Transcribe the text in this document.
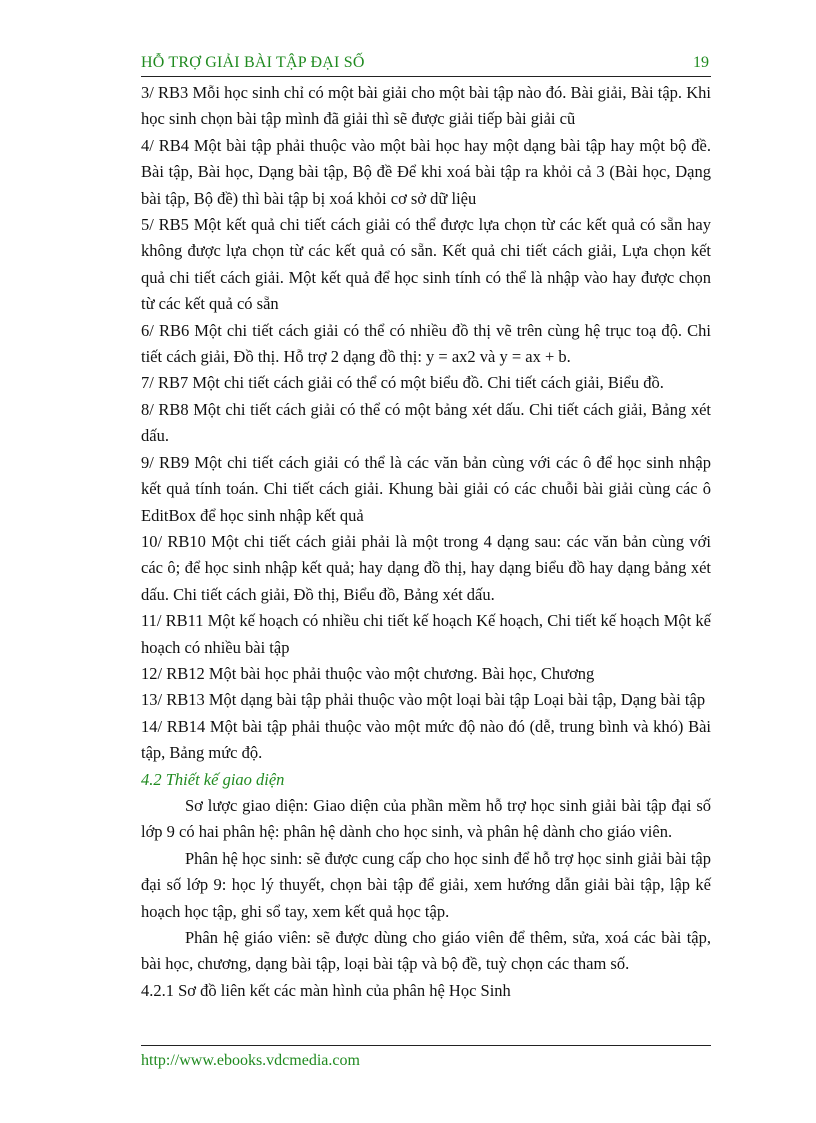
HỖ TRỢ GIẢI BÀI TẬP ĐẠI SỐ	19

3/ RB3 Mỗi học sinh chỉ có một bài giải cho một bài tập nào đó. Bài giải, Bài tập. Khi học sinh chọn bài tập mình đã giải thì sẽ được giải tiếp bài giải cũ

4/ RB4 Một bài tập phải thuộc vào một bài học hay một dạng bài tập hay một bộ đề. Bài tập, Bài học, Dạng bài tập, Bộ đề Để khi xoá bài tập ra khỏi cả 3 (Bài học, Dạng bài tập, Bộ đề) thì bài tập bị xoá khỏi cơ sở dữ liệu

5/ RB5 Một kết quả chi tiết cách giải có thể được lựa chọn từ các kết quả có sẵn hay không được lựa chọn từ các kết quả có sẵn. Kết quả chi tiết cách giải, Lựa chọn kết quả chi tiết cách giải. Một kết quả để học sinh tính có thể là nhập vào hay được chọn từ các kết quả có sẵn

6/ RB6 Một chi tiết cách giải có thể có nhiều đồ thị vẽ trên cùng hệ trục toạ độ. Chi tiết cách giải, Đồ thị. Hỗ trợ 2 dạng đồ thị: y = ax2 và y = ax + b.

7/ RB7 Một chi tiết cách giải có thể có một biểu đồ. Chi tiết cách giải, Biểu đồ.

8/ RB8 Một chi tiết cách giải có thể có một bảng xét dấu. Chi tiết cách giải, Bảng xét dấu.

9/ RB9 Một chi tiết cách giải có thể là các văn bản cùng với các ô để học sinh nhập kết quả tính toán. Chi tiết cách giải. Khung bài giải có các chuỗi bài giải cùng các ô EditBox để học sinh nhập kết quả

10/ RB10 Một chi tiết cách giải phải là một trong 4 dạng sau: các văn bản cùng với các ô; để học sinh nhập kết quả; hay dạng đồ thị, hay dạng biểu đồ hay dạng bảng xét dấu. Chi tiết cách giải, Đồ thị, Biểu đồ, Bảng xét dấu.

11/ RB11 Một kế hoạch có nhiều chi tiết kế hoạch Kế hoạch, Chi tiết kế hoạch Một kế hoạch có nhiều bài tập

12/ RB12 Một bài học phải thuộc vào một chương. Bài học, Chương

13/ RB13 Một dạng bài tập phải thuộc vào một loại bài tập Loại bài tập, Dạng bài tập

14/ RB14 Một bài tập phải thuộc vào một mức độ nào đó (dễ, trung bình và khó) Bài tập, Bảng mức độ.

4.2 Thiết kế giao diện

Sơ lược giao diện: Giao diện của phần mềm hỗ trợ học sinh giải bài tập đại số lớp 9 có hai phân hệ: phân hệ dành cho học sinh, và phân hệ dành cho giáo viên.

Phân hệ học sinh: sẽ được cung cấp cho học sinh để hỗ trợ học sinh giải bài tập đại số lớp 9: học lý thuyết, chọn bài tập để giải, xem hướng dẫn giải bài tập, lập kế hoạch học tập, ghi sổ tay, xem kết quả học tập.

Phân hệ giáo viên: sẽ được dùng cho giáo viên để thêm, sửa, xoá các bài tập, bài học, chương, dạng bài tập, loại bài tập và bộ đề, tuỳ chọn các tham số.

4.2.1 Sơ đồ liên kết các màn hình của phân hệ Học Sinh

http://www.ebooks.vdcmedia.com
